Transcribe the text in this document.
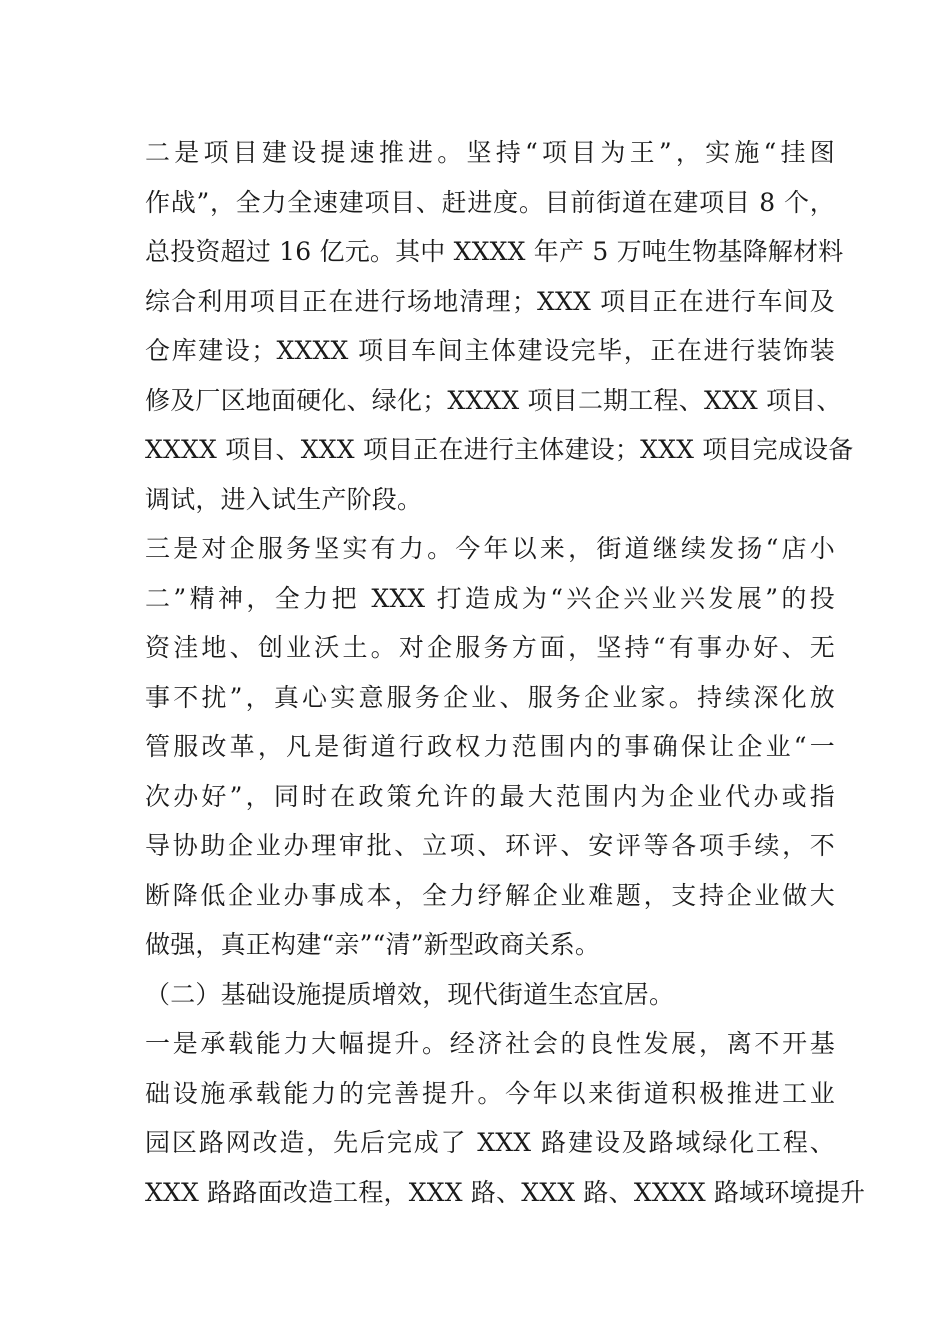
二是项目建设提速推进。坚持“项目为王”，实施“挂图
作战”，全力全速建项目、赶进度。目前街道在建项目 8 个，
总投资超过 16 亿元。其中 XXXX 年产 5 万吨生物基降解材料
综合利用项目正在进行场地清理；XXX 项目正在进行车间及
仓库建设；XXXX 项目车间主体建设完毕，正在进行装饰装
修及厂区地面硬化、绿化；XXXX 项目二期工程、XXX 项目、
XXXX 项目、XXX 项目正在进行主体建设；XXX 项目完成设备
调试，进入试生产阶段。
三是对企服务坚实有力。今年以来，街道继续发扬“店小
二”精神，全力把 XXX 打造成为“兴企兴业兴发展”的投
资洼地、创业沃土。对企服务方面，坚持“有事办好、无
事不扰”，真心实意服务企业、服务企业家。持续深化放
管服改革，凡是街道行政权力范围内的事确保让企业“一
次办好”，同时在政策允许的最大范围内为企业代办或指
导协助企业办理审批、立项、环评、安评等各项手续，不
断降低企业办事成本，全力纾解企业难题，支持企业做大
做强，真正构建“亲”“清”新型政商关系。
（二）基础设施提质增效，现代街道生态宜居。
一是承载能力大幅提升。经济社会的良性发展，离不开基
础设施承载能力的完善提升。今年以来街道积极推进工业
园区路网改造，先后完成了 XXX 路建设及路域绿化工程、
XXX 路路面改造工程，XXX 路、XXX 路、XXXX 路域环境提升
